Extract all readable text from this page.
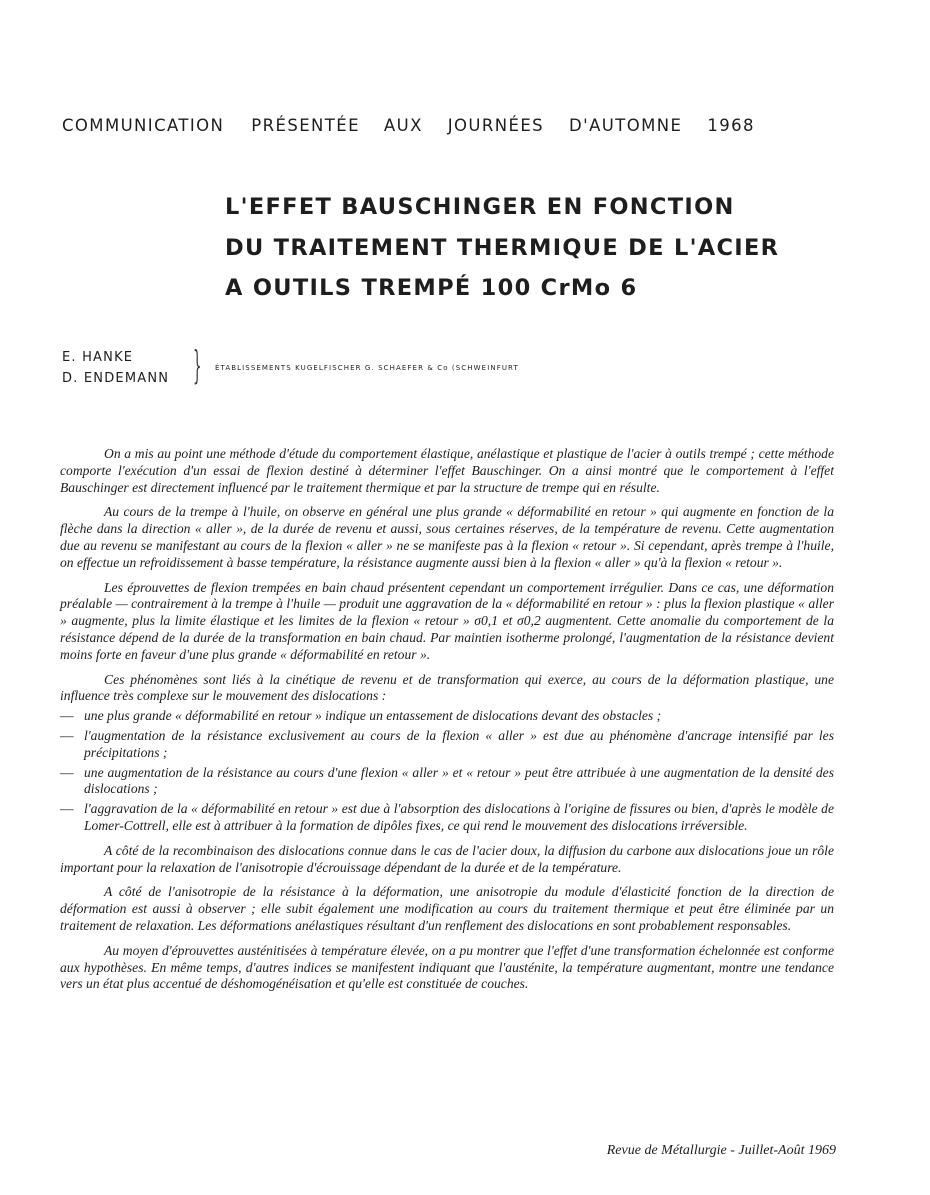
COMMUNICATION PRÉSENTÉE AUX JOURNÉES D'AUTOMNE 1968
L'EFFET BAUSCHINGER EN FONCTION
DU TRAITEMENT THERMIQUE DE L'ACIER
A OUTILS TREMPÉ 100 CrMo 6
E. HANKE
D. ENDEMANN } ÉTABLISSEMENTS KUGELFISCHER G. SCHAEFER & Co (SCHWEINFURT

On a mis au point une méthode d'étude du comportement élastique, anélastique et plastique de l'acier à outils trempé ; cette méthode comporte l'exécution d'un essai de flexion destiné à déterminer l'effet Bauschinger. On a ainsi montré que le comportement à l'effet Bauschinger est directement influencé par le traitement thermique et par la structure de trempe qui en résulte.

Au cours de la trempe à l'huile, on observe en général une plus grande « déformabilité en retour » qui augmente en fonction de la flèche dans la direction « aller », de la durée de revenu et aussi, sous certaines réserves, de la température de revenu. Cette augmentation due au revenu se manifestant au cours de la flexion « aller » ne se manifeste pas à la flexion « retour ». Si cependant, après trempe à l'huile, on effectue un refroidissement à basse température, la résistance augmente aussi bien à la flexion « aller » qu'à la flexion « retour ».

Les éprouvettes de flexion trempées en bain chaud présentent cependant un comportement irrégulier. Dans ce cas, une déformation préalable — contrairement à la trempe à l'huile — produit une aggravation de la « déformabilité en retour » : plus la flexion plastique « aller » augmente, plus la limite élastique et les limites de la flexion « retour » σ0,1 et σ0,2 augmentent. Cette anomalie du comportement de la résistance dépend de la durée de la transformation en bain chaud. Par maintien isotherme prolongé, l'augmentation de la résistance devient moins forte en faveur d'une plus grande « déformabilité en retour ».

Ces phénomènes sont liés à la cinétique de revenu et de transformation qui exerce, au cours de la déformation plastique, une influence très complexe sur le mouvement des dislocations :

— une plus grande « déformabilité en retour » indique un entassement de dislocations devant des obstacles ;
— l'augmentation de la résistance exclusivement au cours de la flexion « aller » est due au phénomène d'ancrage intensifié par les précipitations ;
— une augmentation de la résistance au cours d'une flexion « aller » et « retour » peut être attribuée à une augmentation de la densité des dislocations ;
— l'aggravation de la « déformabilité en retour » est due à l'absorption des dislocations à l'origine de fissures ou bien, d'après le modèle de Lomer-Cottrell, elle est à attribuer à la formation de dipôles fixes, ce qui rend le mouvement des dislocations irréversible.

A côté de la recombinaison des dislocations connue dans le cas de l'acier doux, la diffusion du carbone aux dislocations joue un rôle important pour la relaxation de l'anisotropie d'écrouissage dépendant de la durée et de la température.

A côté de l'anisotropie de la résistance à la déformation, une anisotropie du module d'élasticité fonction de la direction de déformation est aussi à observer ; elle subit également une modification au cours du traitement thermique et peut être éliminée par un traitement de relaxation. Les déformations anélastiques résultant d'un renflement des dislocations en sont probablement responsables.

Au moyen d'éprouvettes austénitisées à température élevée, on a pu montrer que l'effet d'une transformation échelonnée est conforme aux hypothèses. En même temps, d'autres indices se manifestent indiquant que l'austénite, la température augmentant, montre une tendance vers un état plus accentué de déshomogénéisation et qu'elle est constituée de couches.

Revue de Métallurgie - Juillet-Août 1969
